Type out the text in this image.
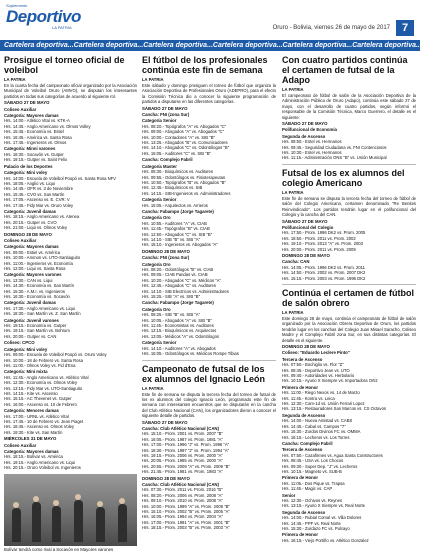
Suplemento
Deportivo
LA PATRIA	Oruro - Bolivia, viernes 26 de mayo de 2017	7
Cartelera deportiva...Cartelera deportiva...Cartelera deportiva...Cartelera deportiva...Cartelera deportiva...Cartelera deportiva...
Prosigue el torneo oficial de voleibol
LA PATRIA
En la cuarta fecha del campeonato oficial organizado por la Asociación Municipal de Voleibol Oruro (AMVO), se disputan los interesantes partidos en todas sus categorías de acuerdo al siguiente rol.
SÁBADO 27 DE MAYO
Coliseo Auxiliar
Categoría: Mayores damas
Hrs. 14:00.- Atlético Vital vs. KTK-A
Hrs. 14:45.- Anglo Americano vs. Olmos Volley
Hrs. 15:45.- Economía vs. Estiel
Hrs. 16:45.- América vs. Santa Rosa
Hrs. 17:45.- Ingenieros vs. Olmos
Categoría: Minni varones
Hrs. 18:30.- Socavón vs. Gutper
Hrs. 19:15.- Gutper vs. Saint Felix
Palacio de los Deportes
Categoría: Mini voley
Hrs. 14:00.- Escuela de Voleibol Poopó vs. Santa Rosa NFV
Hrs. 18:05.- Anglio vs. Liqui
Hrs. 14:45.- OFR vs. 3 de Noviembre
Hrs. 15:45.- CVO vs. San Martín
Hrs. 17:05.- Ascenso vs. E. CVR: V
Hrs. 17:45.- Fidy Mar vs. Oruro Voley
Categoría: Juvenil damas
Hrs. 18:15.- Anglo Americano vs. Atenea
Hrs. 20:15.- Gutper vs. CVO
Hrs. 21:00.- Liqui vs. Olmos Voley
DOMINGO 28 DE MAYO
Coliseo Auxiliar
Categoría: Mayores damas
Hrs. 09:00.- Estiel vs. América
Hrs. 10:00.- Ammon vs. UTO-Santiaguito
Hrs. 11:00.- Ingenieros vs. Economía
Hrs. 12:00.- Liqui vs. Santa Rosa
Categoría: Mayores varones
Hrs. 13:30.- CAN vs. Liqui
Hrs. 14:30.- Economía vs. San Martín
Hrs. 15:30.- A.M.I. vs. Ingenieros
Hrs. 16:30.- Economía vs. Socavón
Categoría: Juvenil damas
Hrs. 17:30.- Anglo Americano vs. Liqui
Hrs. 18:30.- San Martín vs. Z. San Martín
Categoría: Juvenil varones
Hrs. 19:15.- Economía vs. Gutper
Hrs. 19:15.- San Martín vs. Bohrum
Hrs. 20:00.- Gutper vs. CAN
Coliseo: CPCO
Categoría: Mini voley
Hrs. 09:00.- Escuela de Voleibol Poopó vs. Oruro Voley
Hrs. 10:00.- 18 de Febrero vs. Santa Rosa
Hrs. 11:00.- Olmos Voley vs. Fid d'Ena
Categoría: Mini mixta
Hrs. 11:45.- Anglo Americano vs. Atlético Vital
Hrs. 12:30.- Economía vs. Olmos Voley
Hrs. 13:15.- Fidy Mar vs. UTO-Santiaguito
Hrs. 14:15.- Kite vs. Ascenso
Hrs. 15:15.- AC Thevenet vs. Gutper
Hrs. 16:00.- Ascenso vs. 10 de Febrero
Categoría: Menores damas
Hrs. 17:00.- URNL vs. Atlético Vital
Hrs. 17:45.- 10 de Febrero vs. Jean Piaget
Hrs. 18:45.- Ascenso vs. Olmos Voley
Hrs. 19:30.- Kite vs. San Martín
MIÉRCOLES 31 DE MAYO
Coliseo Auxiliar
Categoría: Mayores damas
Hrs. 18:15.- Bolívar vs. América
Hrs. 19:15.- Anglo Americano vs. Liqui
Hrs. 20:15.- Oruro Voleibol vs. Ingenieros
Bolívar tendrá como rival a Socavón en Mayores varones
El fútbol de los profesionales continúa este fin de semana
LA PATRIA
Este sábado y domingo prosiguen el torneo de fútbol que organiza la Asociación Deportiva de Profesionales Oruro (ADEPRO), para el efecto la Comisión Técnica dio a conocer la siguiente programación de partidos a disputarse en las diferentes categorías.
SÁBADO 27 DE MAYO
Cancha: FNI (zona Sur)
Categoría Senior
Hrs. 08:20.- Topógrafos "A" vs. Abogados "C"
Hrs. 09:00.- Abogados "A" vs. Abogados "C"
Hrs. 10:00.- Contadores "A" vs. SIB "B"
Hrs. 13:25.- Abogados "B" vs. Comunicadores
Hrs. 14:10.- Abogados "C" vs. Odontólogos "B"
Hrs. 15:05.- Auditores "C" vs. SIB "B"
Cancha: Complejo Fabril
Categoría Master
Hrs. 08:30.- Bioquímicos vs. Auditores
Hrs. 09:55.- Odontólogos vs. Fisioterapeutas
Hrs. 10:50.- Topógrafos "B" vs. Abogados "B"
Hrs. 12:45.- Bioquímicos vs. SIB
Hrs. 14:15.- SIB-Ingenieros vs. Administradores
Categoría Senior
Hrs. 15:05.- Arquitectos vs. Arrieros
Cancha: Fabampo (Jorge Tagarete)
Categoría Oro
Hrs. 10:55.- Auditores "A" vs. CIAB
Hrs. 11:45.- Topógrafos "B" vs. CIAB
Hrs. 12:50.- Abogados "C" vs. SIB "B"
Hrs. 14:10.- SIB "B" vs. SIB "A"
Hrs. 15:10.- Ingenieros vs. Abogados "A"
DOMINGO 28 DE MAYO
Cancha: FNI (zona Sur)
Categoría Oro
Hrs. 08:20.- Odontólogos "B" vs. CIAB
Hrs. 09:05.- CIAB Pandas vs. CIAB
Hrs. 10:20.- Abogados "C" vs. Médicos "A"
Hrs. 12:45.- Abogados "C" vs. Auditores
Hrs. 14:10.- SIB Electricos vs. Administradores
Hrs. 15:25.- SIB "A" vs. SIB "B"
Cancha: Fabampo (Jorge Tagarete)
Categoría Oro
Hrs. 08:25.- SIB "B" vs. SIB "A"
Hrs. 10:05.- Abogados "A" vs. SIB "B"
Hrs. 11:45.- Economistas vs. Auditores
Hrs. 12:15.- Bioquímicos vs. Arquitectos
Hrs. 13:05.- Médicos "A" vs. Odontólogos
Categoría Senior
Hrs. 14:10.- Auditores "A" vs. Abogados
Hrs. 15:05.- Odontólogos vs. Médicos Rompe Tibias
Campeonato de futsal de los ex alumnos del Ignacio León
LA PATRIA
Este fin de semana se disputa la tercera fecha del torneo de futsal de los ex alumnos del colegio Ignacio León, programado este fin de semana con interesantes encuentros que se disputarán en la cancha del Club Atlético Nacional (CAN), los organizadores dieron a conocer el siguiente detalle de partidos.
SÁBADO 27 DE MAYO
Cancha: Club Atlético Nacional (CAN)
Hrs. 15:10.- Prom. 2001 vs. Prom. 2007 "B"
Hrs. 16:05.- Prom. 1987 vs. Prom. 1981 "A"
Hrs. 17:00.- Prom. 1996 "J" vs. Prom. 1996 "A"
Hrs. 18:30.- Prom. 1997 "J" vs. Prom. 1994 "A"
Hrs. 19:15.- Prom. 2006 vs. Prom. 2000 "A"
Hrs. 20:05.- Prom. 1985 vs. Prom. 2000 "A"
Hrs. 20:55.- Prom. 2009 "A" vs. Prom. 2009 "B"
Hrs. 21:45.- Prom. 1981 vs. Prom. 1983 "A"
DOMINGO 28 DE MAYO
Cancha: Club Atlético Nacional (CAN)
Hrs. 07:30.- Prom. 2011 vs. Prom. 2016 "B"
Hrs. 08:20.- Prom. 2006 vs. Prom. 2008 "A"
Hrs. 09:10.- Prom. 2010 vs. Prom. 2008 "A"
Hrs. 10:00.- Prom. 1999 "A" vs. Prom. 2008 "B"
Hrs. 15:10.- Prom. 2002 "B" vs. Prom. 2005 "A"
Hrs. 16:05.- Prom. 1994 vs. Prom. 2004 "A"
Hrs. 17:00.- Prom. 1991 "A" vs. Prom. 2001 "B"
Hrs. 18:15.- Prom. 2003 "B" vs. Prom. 2003 "A"
Con cuatro partidos continúa el certamen de futsal de la Adapo
LA PATRIA
El campeonato de fútbol de salón de la Asociación Deportiva de la Administración Pública de Oruro (Adapo), continúa este sábado 27 de mayo, con el desarrollo de cuatro partidos, según informó el responsable de la Comisión Técnica, Marco Guerrero, el detalle es el siguiente:
SÁBADO 27 DE MAYO
Polifuncional de Economía
Segunda de Ascenso
Hrs. 08:50.- Entel vs. Hermanos
Hrs. 09:45.- Seguridad Ciudadana vs. FNI Contenciosos
Hrs. 10:30.- Entel vs. Hermanos
Hrs. 11:15.- Administración ONS "B" vs. Unión Municipal
Futsal de los ex alumnos del colegio Americano
LA PATRIA
Este fin de semana se disputa la tercera fecha del torneo de fútbol de salón del Colegio Americano, certamen denominado "Re Benites Reinvindicado". Los partidos tendrán lugar en el polifuncional del Colegio y la cancha del CAN.
SÁBADO 27 DE MAYO
Polifuncional del Colegio
Hrs. 17:50.- Prom. 1996 DK2 vs. Prom. 2005
Hrs. 18:50.- Prom. 2011 vs. Prom. 2002
Hrs. 19:10.- Prom. 2013 "A" vs. Prom. 2003
Hrs. 20:00.- Prom. 2011 vs. Prom. 2009
DOMINGO 28 DE MAYO
Cancha: CAN
Hrs. 14:05.- Prom. 1996 DK2 vs. Prom. 2011
Hrs. 14:50.- Prom. 2002 vs. Prom. 2007 DK2
Hrs. 15:15.- Prom. 2003 vs. Prom. 1996 DK2
Continúa el certamen de fútbol de salón obrero
LA PATRIA
Este domingo 28 de mayo, continúa el campeonato de fútbol de salón organizado por la Asociación Obrera Deportiva de Oruro, los partidos tendrán lugar en los canchas del Colegio Juan Misael Saracho, Coliseo Madre y el Complejo Fabril zona Sur, en sus distintas categorías. El detalle es el siguiente.
DOMINGO 28 DE MAYO
Coliseo: "Eduardo Leclere Pinto"
Tercera de Ascenso
Hrs. 07:50.- Bochiglio vs. Flor "Z"
Hrs. 08:45.- Deportivo Jean vs. UTO
Hrs. 09:40.- Autoridades vs. Herbolario
Hrs. 10:15.- Ayuno X Siempre vs. Importadora Ortiz
Primera de Honor
Hrs. 11:00.- Riego Nexos vs. 14 de Marzo
Hrs. 11:45.- Kontra vs. Leica
Hrs. 12:30.- Cam-1d vs. Unión Ferrari Lopez
Hrs. 13:15.- Restauradores San Marcos vs. CS Octavos
Segunda de Ascenso
Hrs. 14:00.- Nueva Amistad vs. CABS
Hrs. 14:45.- Cabal vs. Campos "7"
Hrs. 15:30.- Zurdos Divinos FC vs. OMMA
Hrs. 16:15.- Lecheros vs. Los Torres
Cancha: Complejo Fabril
Tercera de Ascenso
Hrs. 07:50.- Cazafirmes vs. Agua Santa Constructores
Hrs. 08:45.- USA vs. Los Chocos
Hrs. 09:30.- Super Dep. "J" vs. Lecheros
Hrs. 10:15.- Magneto vs. SUB-B
Primera de Honor
Hrs. 11:05.- Dos Pique vs. Trapsa
Hrs. 11:45.- Magic vs. CAP
Senior
Hrs. 12:30.- Ochivos vs. Reynes
Hrs. 13:15.- Ayuno X Siempre vs. Real Norte
Segunda de Ascenso
Hrs. 14:00.- Rubial Comal vs. Villa Dolores
Hrs. 14:45.- PPF vs. Real Norte
Hrs. 15:30.- Zurdazo FC vs. Pulcayo
Primera de Honor
Hrs. 16:15.- Viejo Portiño vs. Atlético Gonzalez
